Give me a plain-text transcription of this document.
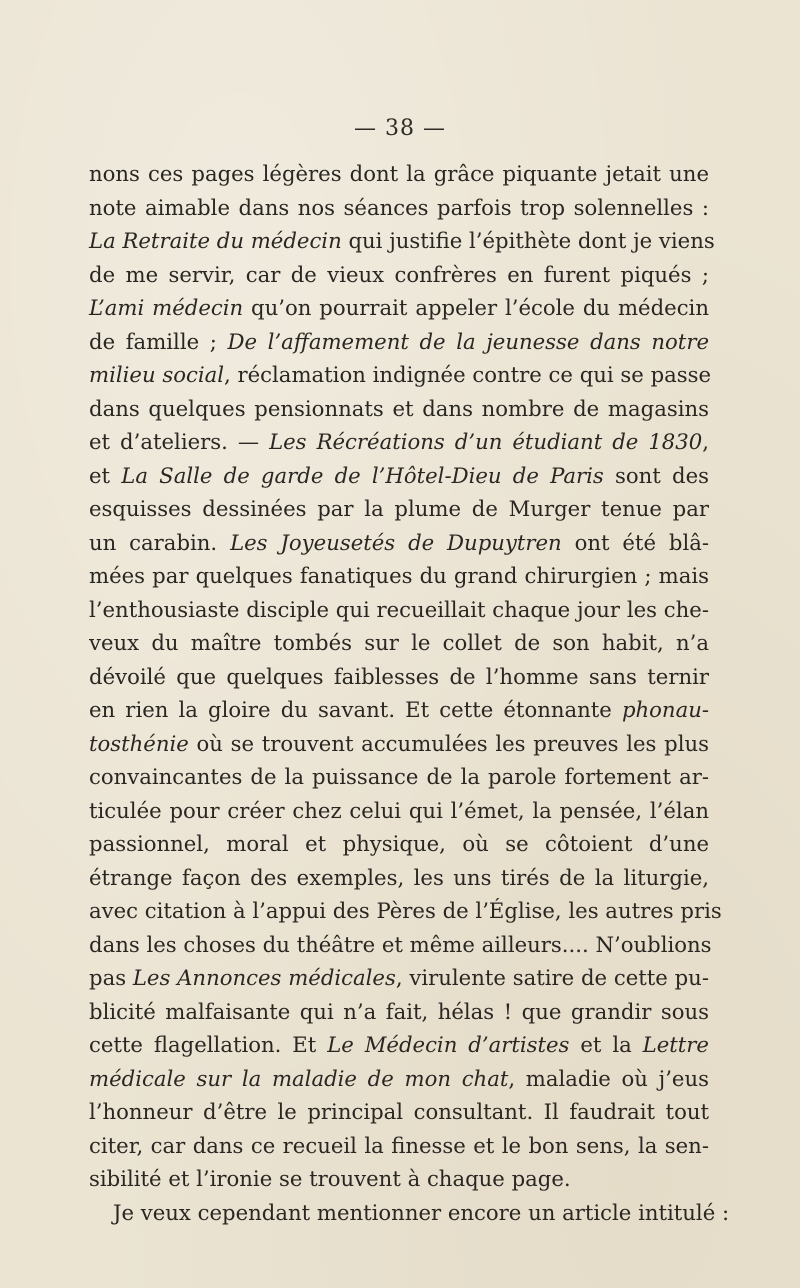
— 38 —
nons ces pages légères dont la grâce piquante jetait une
note aimable dans nos séances parfois trop solennelles :
La Retraite du médecin qui justifie l’épithète dont je viens
de me servir, car de vieux confrères en furent piqués ;
L’ami médecin qu’on pourrait appeler l’école du médecin
de famille ; De l’affamement de la jeunesse dans notre
milieu social, réclamation indignée contre ce qui se passe
dans quelques pensionnats et dans nombre de magasins
et d’ateliers. — Les Récréations d’un étudiant de 1830,
et La Salle de garde de l’Hôtel-Dieu de Paris sont des
esquisses dessinées par la plume de Murger tenue par
un carabin. Les Joyeusetés de Dupuytren ont été blâ-
mées par quelques fanatiques du grand chirurgien ; mais
l’enthousiaste disciple qui recueillait chaque jour les che-
veux du maître tombés sur le collet de son habit, n’a
dévoilé que quelques faiblesses de l’homme sans ternir
en rien la gloire du savant. Et cette étonnante phonau-
tosthénie où se trouvent accumulées les preuves les plus
convaincantes de la puissance de la parole fortement ar-
ticulée pour créer chez celui qui l’émet, la pensée, l’élan
passionnel, moral et physique, où se côtoient d’une
étrange façon des exemples, les uns tirés de la liturgie,
avec citation à l’appui des Pères de l’Église, les autres pris
dans les choses du théâtre et même ailleurs.... N’oublions
pas Les Annonces médicales, virulente satire de cette pu-
blicité malfaisante qui n’a fait, hélas ! que grandir sous
cette flagellation. Et Le Médecin d’artistes et la Lettre
médicale sur la maladie de mon chat, maladie où j’eus
l’honneur d’être le principal consultant. Il faudrait tout
citer, car dans ce recueil la finesse et le bon sens, la sen-
sibilité et l’ironie se trouvent à chaque page.
Je veux cependant mentionner encore un article intitulé :
